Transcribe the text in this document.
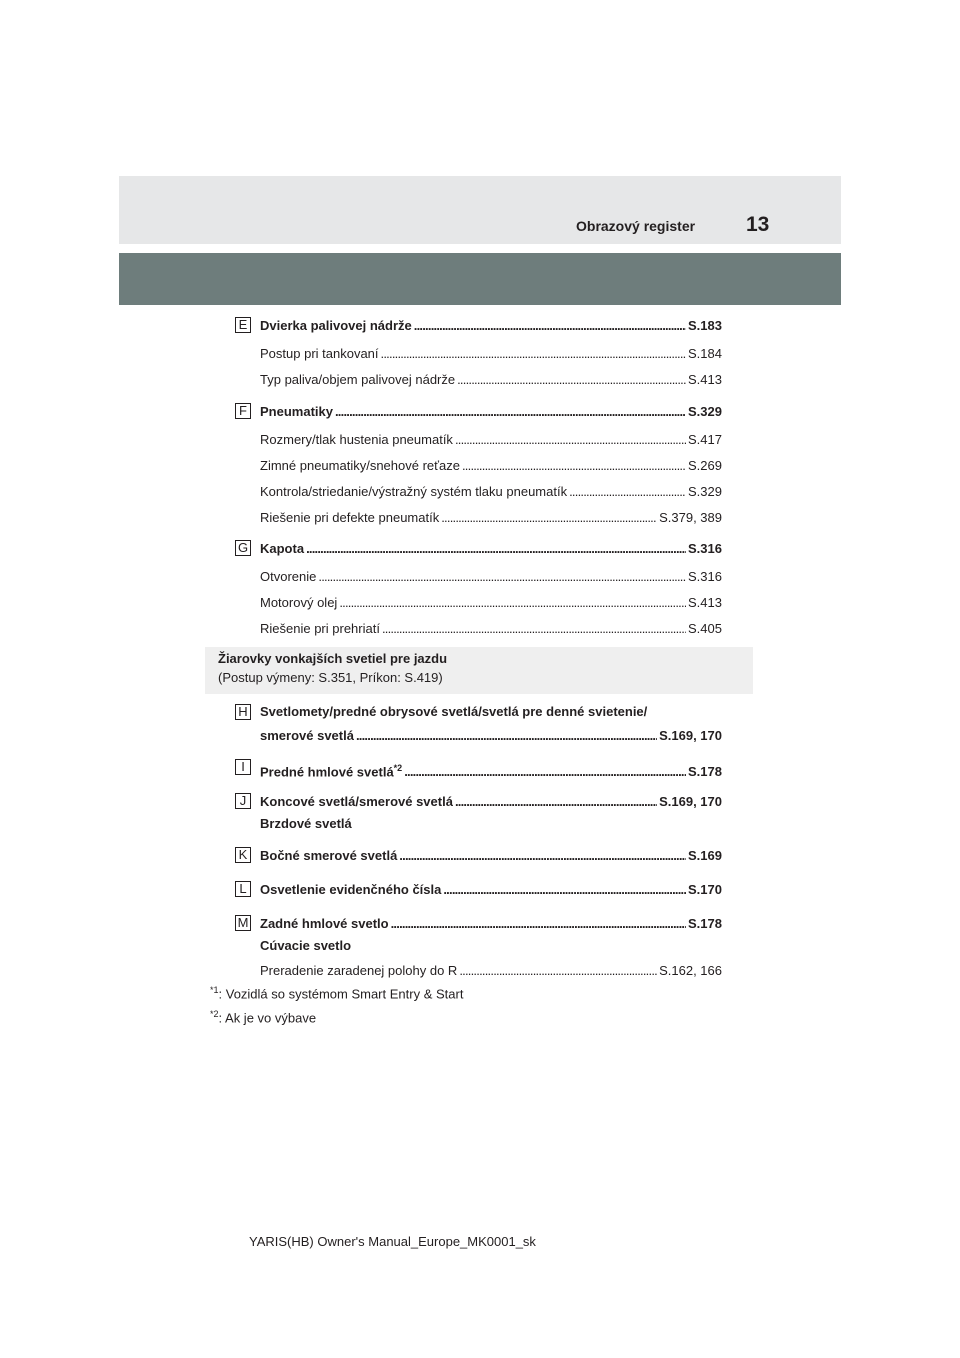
Obrazový register 13
E Dvierka palivovej nádrže . . .	S.183
Postup pri tankovaní . . .	S.184
Typ paliva/objem palivovej nádrže . . .	S.413
F	Pneumatiky . . .	S.329
Rozmery/tlak hustenia pneumatík . . .	S.417
Zimné pneumatiky/snehové reťaze . . .	S.269
Kontrola/striedanie/výstražný systém tlaku pneumatík . . .	S.329
Riešenie pri defekte pneumatík . . .	S.379, 389
G Kapota . . .	S.316
Otvorenie . . .	S.316
Motorový olej . . .	S.413
Riešenie pri prehriatí . . .	S.405
Žiarovky vonkajších svetiel pre jazdu
(Postup výmeny: S.351, Príkon: S.419)
H Svetlomety/predné obrysové svetlá/svetlá pre denné svietenie/
smerové svetlá . . .	S.169, 170
I	Predné hmlové svetlá$^{*2}$ . . .	S.178
J	Koncové svetlá/smerové svetlá . . .	S.169, 170
Brzdové svetlá
K Bočné smerové svetlá . . .	S.169
L	Osvetlenie evidenčného čísla . . .	S.170
M Zadné hmlové svetlo . . .	S.178
Cúvacie svetlo
Preradenie zaradenej polohy do R . . .	S.162, 166
$^{*1}$: Vozidlá so systémom Smart Entry & Start
$^{*2}$: Ak je vo výbave
YARIS(HB) Owner's Manual_Europe_MK0001_sk
